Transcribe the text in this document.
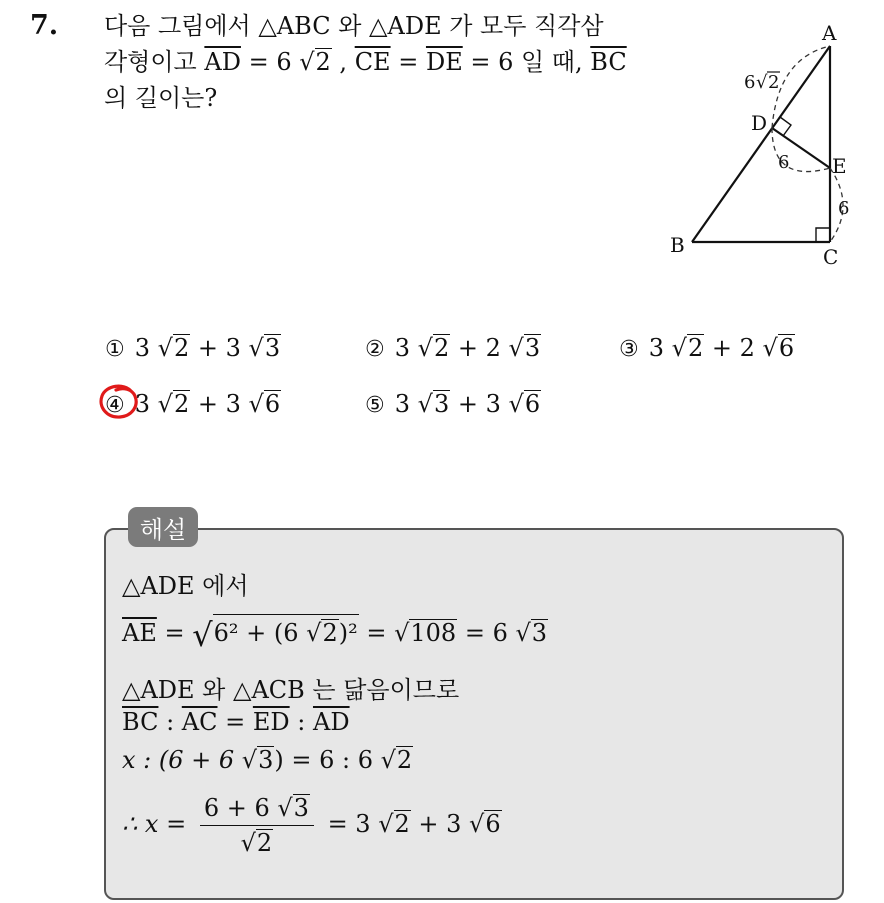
7. 다음 그림에서 △ABC 와 △ADE 가 모두 직각삼
각형이고 $\overline{AD} = 6$ √2 , $\overline{CE} = \overline{DE} = 6$ 일 때, $\overline{BC}$
의 길이는?
A
B	C
D
E
6 √ 2
6
6
① 3 √2 + 3 √3	② 3 √2 + 2 √3	③ 3 √2 + 2 √6
④ 3 √2 + 3 √6	⑤ 3 √3 + 3 √6
해설
△ADE 에서
$\overline{AE} = √6^2 + (6$ √2)² = √108 = 6 √3
△ADE 와 △ACB 는 닮음이므로
$\overline{BC}$ : $\overline{AC} = \overline{ED}$ : $\overline{AD}$
x : (6 + 6 √3) = 6 : 6 √2
∴ $x = \frac{6 + 6 √3}{√2} = 3$ √2 + 3 √6
